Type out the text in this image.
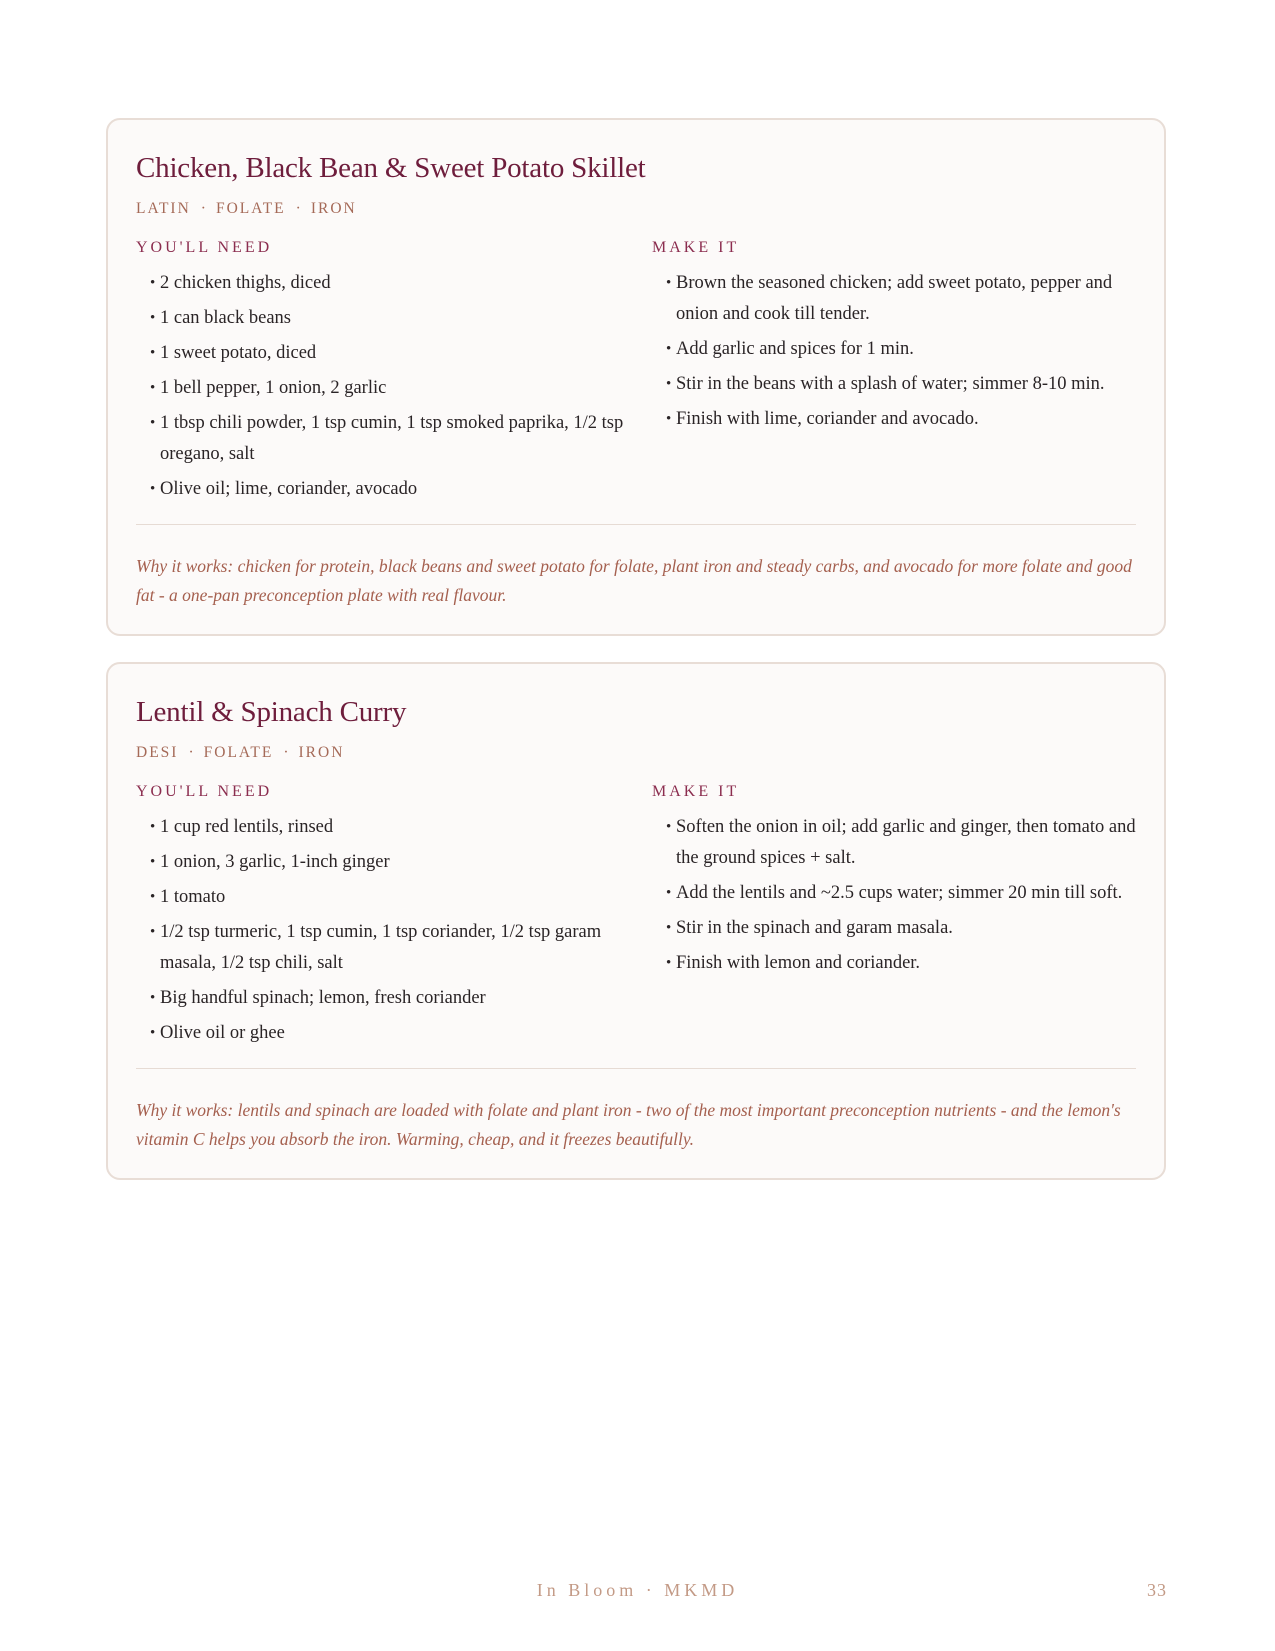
Chicken, Black Bean & Sweet Potato Skillet
LATIN · FOLATE · IRON
YOU'LL NEED
• 2 chicken thighs, diced
• 1 can black beans
• 1 sweet potato, diced
• 1 bell pepper, 1 onion, 2 garlic
• 1 tbsp chili powder, 1 tsp cumin, 1 tsp smoked paprika, 1/2 tsp oregano, salt
• Olive oil; lime, coriander, avocado
MAKE IT
• Brown the seasoned chicken; add sweet potato, pepper and onion and cook till tender.
• Add garlic and spices for 1 min.
• Stir in the beans with a splash of water; simmer 8-10 min.
• Finish with lime, coriander and avocado.

Why it works: chicken for protein, black beans and sweet potato for folate, plant iron and steady carbs, and avocado for more folate and good fat - a one-pan preconception plate with real flavour.

Lentil & Spinach Curry
DESI · FOLATE · IRON
YOU'LL NEED
• 1 cup red lentils, rinsed
• 1 onion, 3 garlic, 1-inch ginger
• 1 tomato
• 1/2 tsp turmeric, 1 tsp cumin, 1 tsp coriander, 1/2 tsp garam masala, 1/2 tsp chili, salt
• Big handful spinach; lemon, fresh coriander
• Olive oil or ghee
MAKE IT
• Soften the onion in oil; add garlic and ginger, then tomato and the ground spices + salt.
• Add the lentils and ~2.5 cups water; simmer 20 min till soft.
• Stir in the spinach and garam masala.
• Finish with lemon and coriander.

Why it works: lentils and spinach are loaded with folate and plant iron - two of the most important preconception nutrients - and the lemon's vitamin C helps you absorb the iron. Warming, cheap, and it freezes beautifully.

In Bloom · MKMD	33
